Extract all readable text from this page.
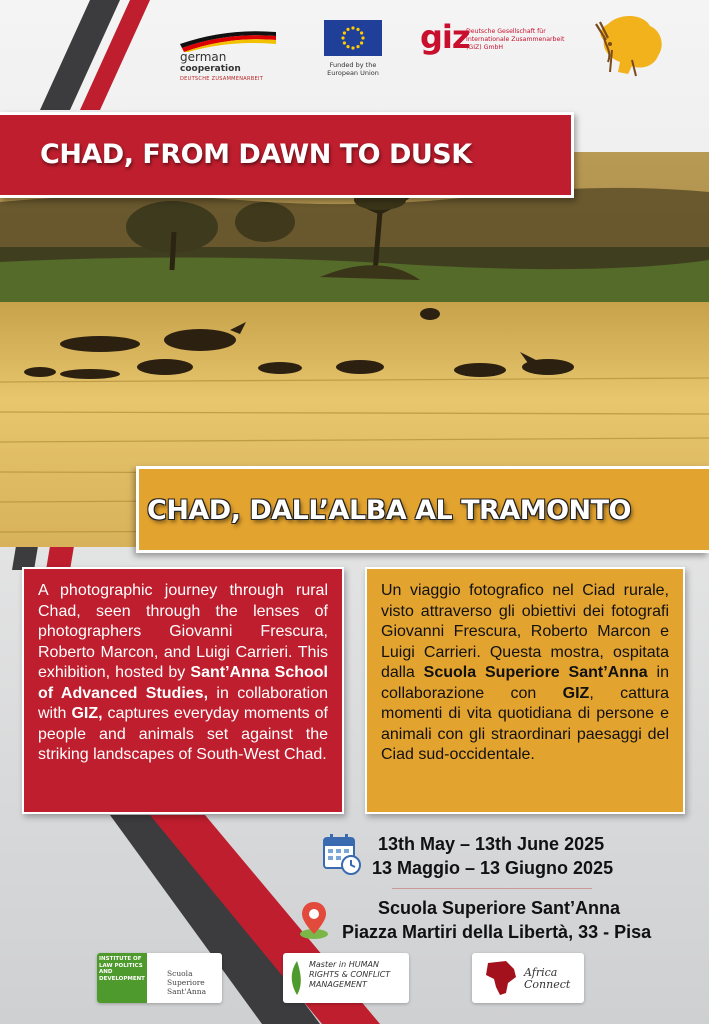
german
cooperation
DEUTSCHE ZUSAMMENARBEIT
Funded by the European Union
giz
Deutsche Gesellschaft für Internationale Zusammenarbeit (GIZ) GmbH
CHAD, FROM DAWN TO DUSK
CHAD, DALL’ALBA AL TRAMONTO
A photographic journey through rural Chad, seen through the lenses of photographers Giovanni Frescura, Roberto Marcon, and Luigi Carrieri. This exhibition, hosted by Sant’Anna School of Advanced Studies, in collaboration with GIZ, captures everyday moments of people and animals set against the striking landscapes of South-West Chad.
Un viaggio fotografico nel Ciad rurale, visto attraverso gli obiettivi dei fotografi Giovanni Frescura, Roberto Marcon e Luigi Carrieri. Questa mostra, ospitata dalla Scuola Superiore Sant’Anna in collaborazione con GIZ, cattura momenti di vita quotidiana di persone e animali con gli straordinari paesaggi del Ciad sud-occidentale.
13th May – 13th June 2025
13 Maggio – 13 Giugno 2025
Scuola Superiore Sant’Anna
Piazza Martiri della Libertà, 33 - Pisa
INSTITUTE OF LAW POLITICS AND DEVELOPMENT
Scuola Superiore Sant'Anna
Master in HUMAN RIGHTS & CONFLICT MANAGEMENT
Africa Connect
